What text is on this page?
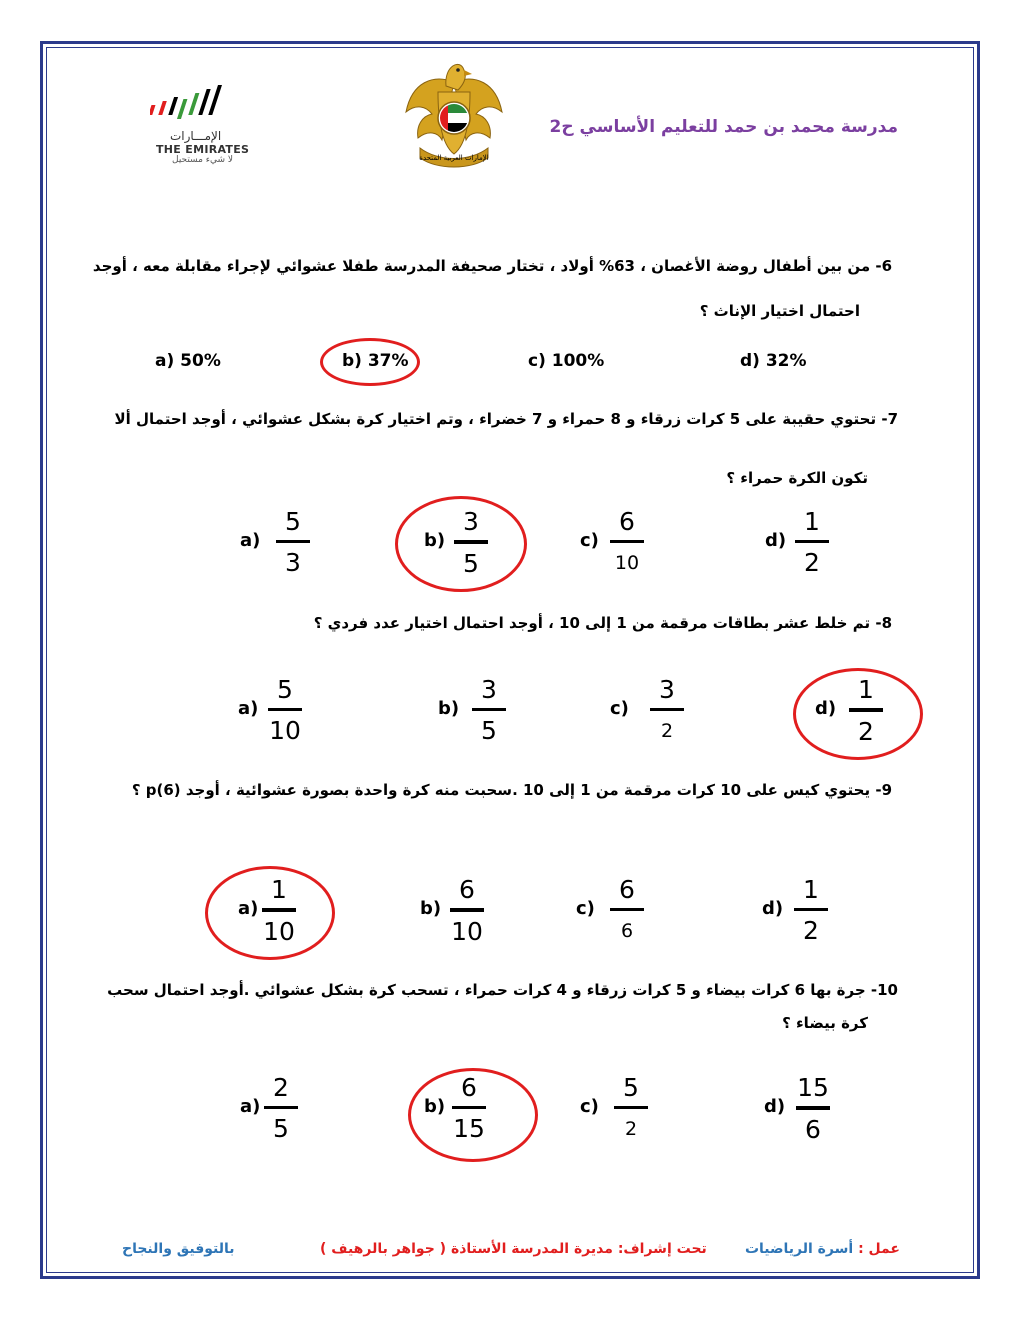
الإمـــارات
THE EMIRATES
لا شيء مستحيل	الإمارات العربية المتحدة
مدرسة محمد بن حمد للتعليم الأساسي ح2
6- من بين أطفال روضة الأغصان ، 63% أولاد ، تختار صحيفة المدرسة طفلا عشوائي لإجراء مقابلة معه ، أوجد
احتمال اختيار الإناث ؟
a) 50%	b) 37%	c) 100%	d) 32%
7- تحتوي حقيبة على 5 كرات زرقاء و 8 حمراء و 7 خضراء ، وتم اختيار كرة بشكل عشوائي ، أوجد احتمال ألا
تكون الكرة حمراء ؟
a)
5
3
b)
3
5
c)
6
10
d)
1
2
8- تم خلط عشر بطاقات مرقمة من 1 إلى 10 ، أوجد احتمال اختيار عدد فردي ؟
a)
5
10
b)
3
5
c)
3
2
d)
1
2
9- يحتوي كيس على 10 كرات مرقمة من 1 إلى 10 .سحبت منه كرة واحدة بصورة عشوائية ، أوجد p(6) ؟
a)
1
10
b)
6
10
c)
6
6
d)
1
2
10- جرة بها 6 كرات بيضاء و 5 كرات زرقاء و 4 كرات حمراء ، تسحب كرة بشكل عشوائي .أوجد احتمال سحب
كرة بيضاء ؟
a)
2
5
b)
6
15
c)
5
2
d)
15
6
بالتوفيق والنجاح	تحت إشراف: مديرة المدرسة الأستاذة ( جواهر بالرهيف )	عمل : أسرة الرياضيات
